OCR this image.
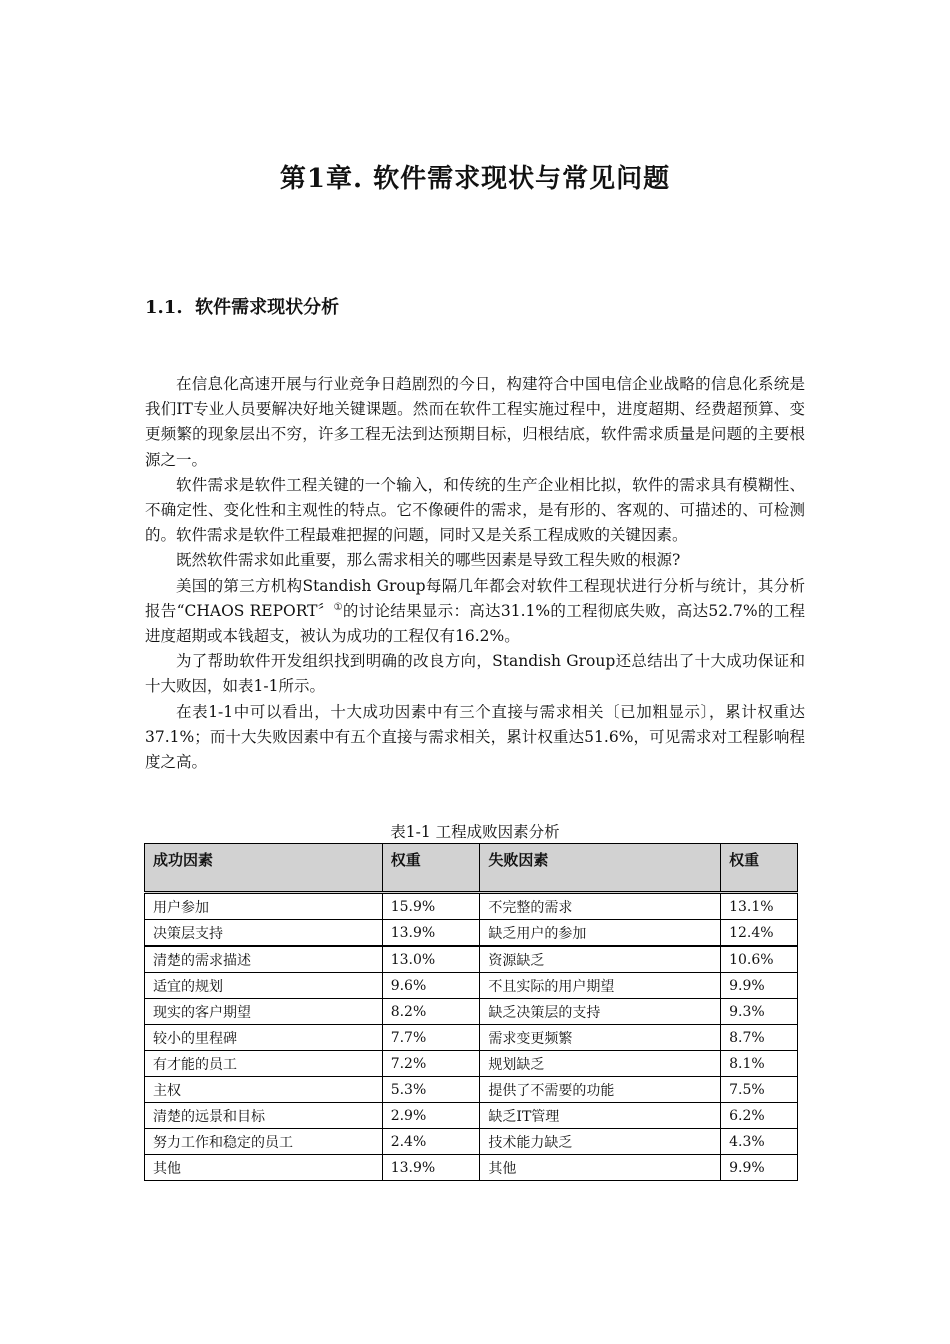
第1章. 软件需求现状与常见问题
1.1. 软件需求现状分析

在信息化高速开展与行业竞争日趋剧烈的今日，构建符合中国电信企业战略的信息化系统是我们IT专业人员要解决好地关键课题。然而在软件工程实施过程中，进度超期、经费超预算、变更频繁的现象层出不穷，许多工程无法到达预期目标，归根结底，软件需求质量是问题的主要根源之一。

软件需求是软件工程关键的一个输入，和传统的生产企业相比拟，软件的需求具有模糊性、不确定性、变化性和主观性的特点。它不像硬件的需求，是有形的、客观的、可描述的、可检测的。软件需求是软件工程最难把握的问题，同时又是关系工程成败的关键因素。

既然软件需求如此重要，那么需求相关的哪些因素是导致工程失败的根源?

美国的第三方机构Standish Group每隔几年都会对软件工程现状进行分析与统计，其分析报告“CHAOS REPORT〞①的讨论结果显示：高达31.1%的工程彻底失败，高达52.7%的工程进度超期或本钱超支，被认为成功的工程仅有16.2%。

为了帮助软件开发组织找到明确的改良方向，Standish Group还总结出了十大成功保证和十大败因，如表1-1所示。

在表1-1中可以看出，十大成功因素中有三个直接与需求相关〔已加粗显示〕，累计权重达37.1%；而十大失败因素中有五个直接与需求相关，累计权重达51.6%，可见需求对工程影响程度之高。

表1-1 工程成败因素分析

成功因素	权重	失败因素	权重
用户参加	15.9%	不完整的需求	13.1%
决策层支持	13.9%	缺乏用户的参加	12.4%
清楚的需求描述	13.0%	资源缺乏	10.6%
适宜的规划	9.6%	不且实际的用户期望	9.9%
现实的客户期望	8.2%	缺乏决策层的支持	9.3%
较小的里程碑	7.7%	需求变更频繁	8.7%
有才能的员工	7.2%	规划缺乏	8.1%
主权	5.3%	提供了不需要的功能	7.5%
清楚的远景和目标	2.9%	缺乏IT管理	6.2%
努力工作和稳定的员工	2.4%	技术能力缺乏	4.3%
其他	13.9%	其他	9.9%
